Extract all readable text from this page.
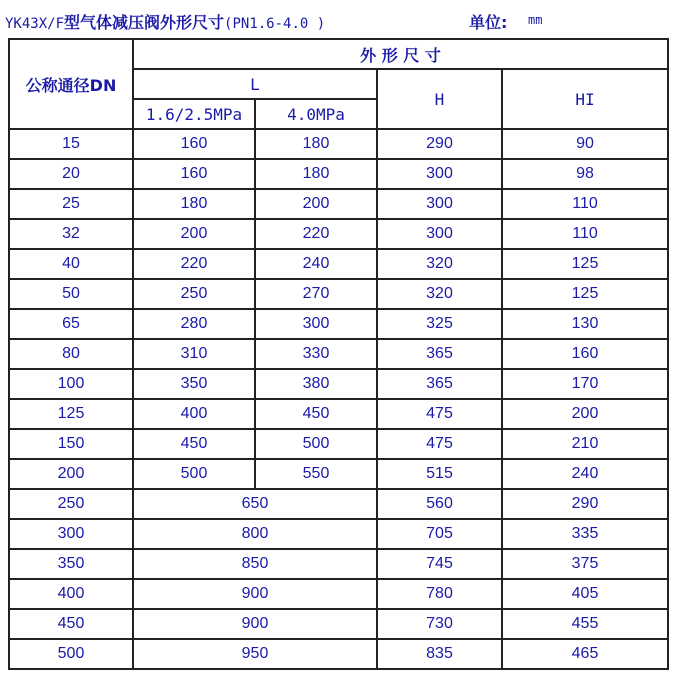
YK43X/F型气体减压阀外形尺寸(PN1.6-4.0 )	单位: mm
公称通径DN	外 形 尺 寸			
	L		H	HI
	1.6/2.5MPa	4.0MPa		
15	160	180	290	90
20	160	180	300	98
25	180	200	300	110
32	200	220	300	110
40	220	240	320	125
50	250	270	320	125
65	280	300	325	130
80	310	330	365	160
100	350	380	365	170
125	400	450	475	200
150	450	500	475	210
200	500	550	515	240
250	650		560	290
300	800		705	335
350	850		745	375
400	900		780	405
450	900		730	455
500	950		835	465
